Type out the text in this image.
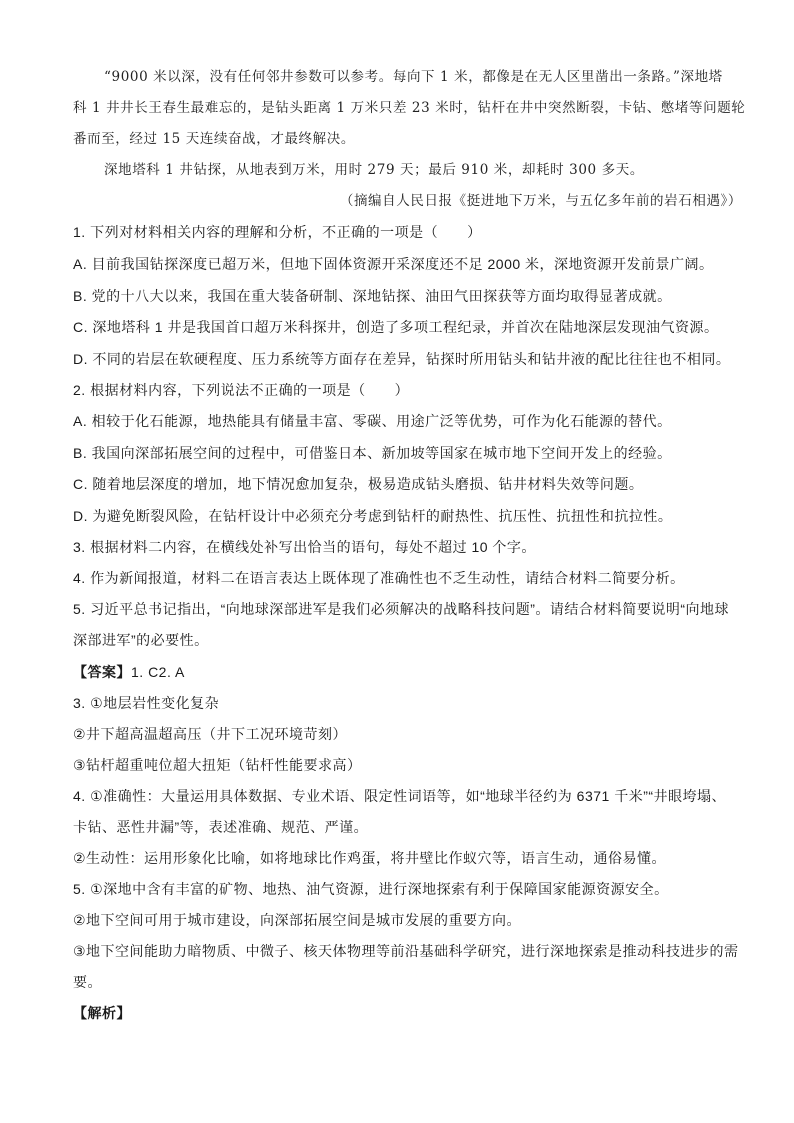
“9000 米以深，没有任何邻井参数可以参考。每向下 1 米，都像是在无人区里凿出一条路。”深地塔
科 1 井井长王春生最难忘的，是钻头距离 1 万米只差 23 米时，钻杆在井中突然断裂，卡钻、憋堵等问题轮
番而至，经过 15 天连续奋战，才最终解决。
深地塔科 1 井钻探，从地表到万米，用时 279 天；最后 910 米，却耗时 300 多天。
（摘编自人民日报《挺进地下万米，与五亿多年前的岩石相遇》）
1. 下列对材料相关内容的理解和分析，不正确的一项是（　　）
A. 目前我国钻探深度已超万米，但地下固体资源开采深度还不足 2000 米，深地资源开发前景广阔。
B. 党的十八大以来，我国在重大装备研制、深地钻探、油田气田探获等方面均取得显著成就。
C. 深地塔科 1 井是我国首口超万米科探井，创造了多项工程纪录，并首次在陆地深层发现油气资源。
D. 不同的岩层在软硬程度、压力系统等方面存在差异，钻探时所用钻头和钻井液的配比往往也不相同。
2. 根据材料内容，下列说法不正确的一项是（　　）
A. 相较于化石能源，地热能具有储量丰富、零碳、用途广泛等优势，可作为化石能源的替代。
B. 我国向深部拓展空间的过程中，可借鉴日本、新加坡等国家在城市地下空间开发上的经验。
C. 随着地层深度的增加，地下情况愈加复杂，极易造成钻头磨损、钻井材料失效等问题。
D. 为避免断裂风险，在钻杆设计中必须充分考虑到钻杆的耐热性、抗压性、抗扭性和抗拉性。
3. 根据材料二内容，在横线处补写出恰当的语句，每处不超过 10 个字。
4. 作为新闻报道，材料二在语言表达上既体现了准确性也不乏生动性，请结合材料二简要分析。
5. 习近平总书记指出，“向地球深部进军是我们必须解决的战略科技问题”。请结合材料简要说明“向地球
深部进军”的必要性。
【答案】1. C2. A
3. ①地层岩性变化复杂
②井下超高温超高压（井下工况环境苛刻）
③钻杆超重吨位超大扭矩（钻杆性能要求高）
4. ①准确性：大量运用具体数据、专业术语、限定性词语等，如“地球半径约为 6371 千米”“井眼垮塌、
卡钻、恶性井漏”等，表述准确、规范、严谨。
②生动性：运用形象化比喻，如将地球比作鸡蛋，将井壁比作蚁穴等，语言生动，通俗易懂。
5. ①深地中含有丰富的矿物、地热、油气资源，进行深地探索有利于保障国家能源资源安全。
②地下空间可用于城市建设，向深部拓展空间是城市发展的重要方向。
③地下空间能助力暗物质、中微子、核天体物理等前沿基础科学研究，进行深地探索是推动科技进步的需
要。
【解析】
